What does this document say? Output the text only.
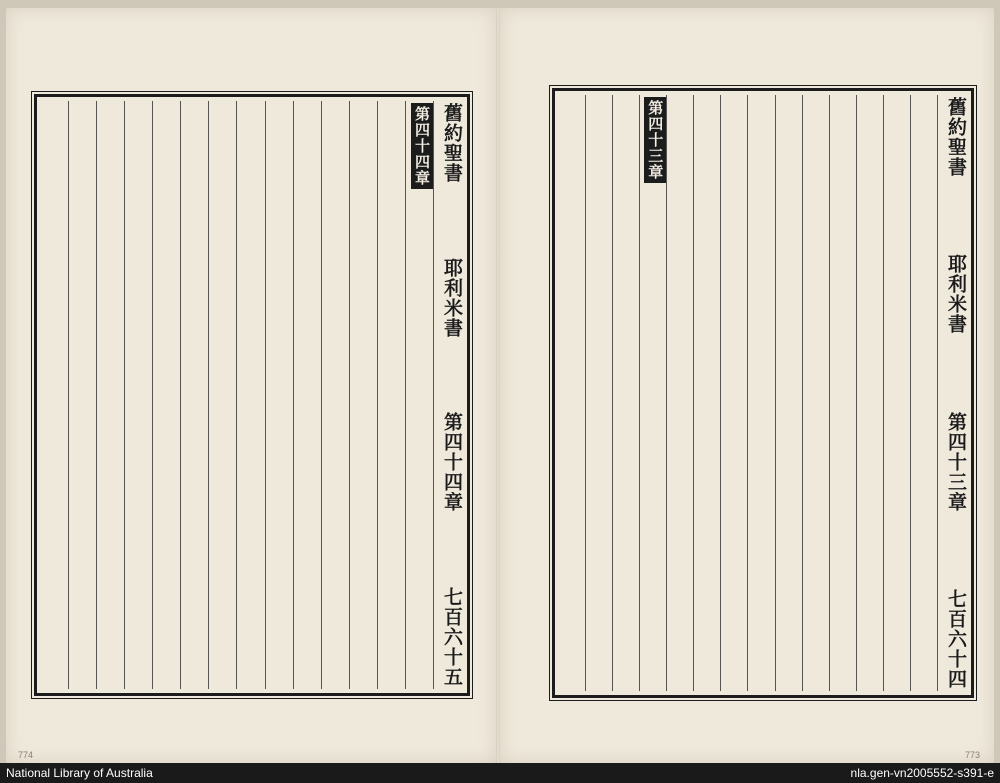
舊約聖書
耶利米書
第四十四章
七百六十五
第四十四章
774
舊約聖書
耶利米書
第四十三章
七百六十四
第四十三章
773
National Library of Australia	nla.gen-vn2005552-s391-e
